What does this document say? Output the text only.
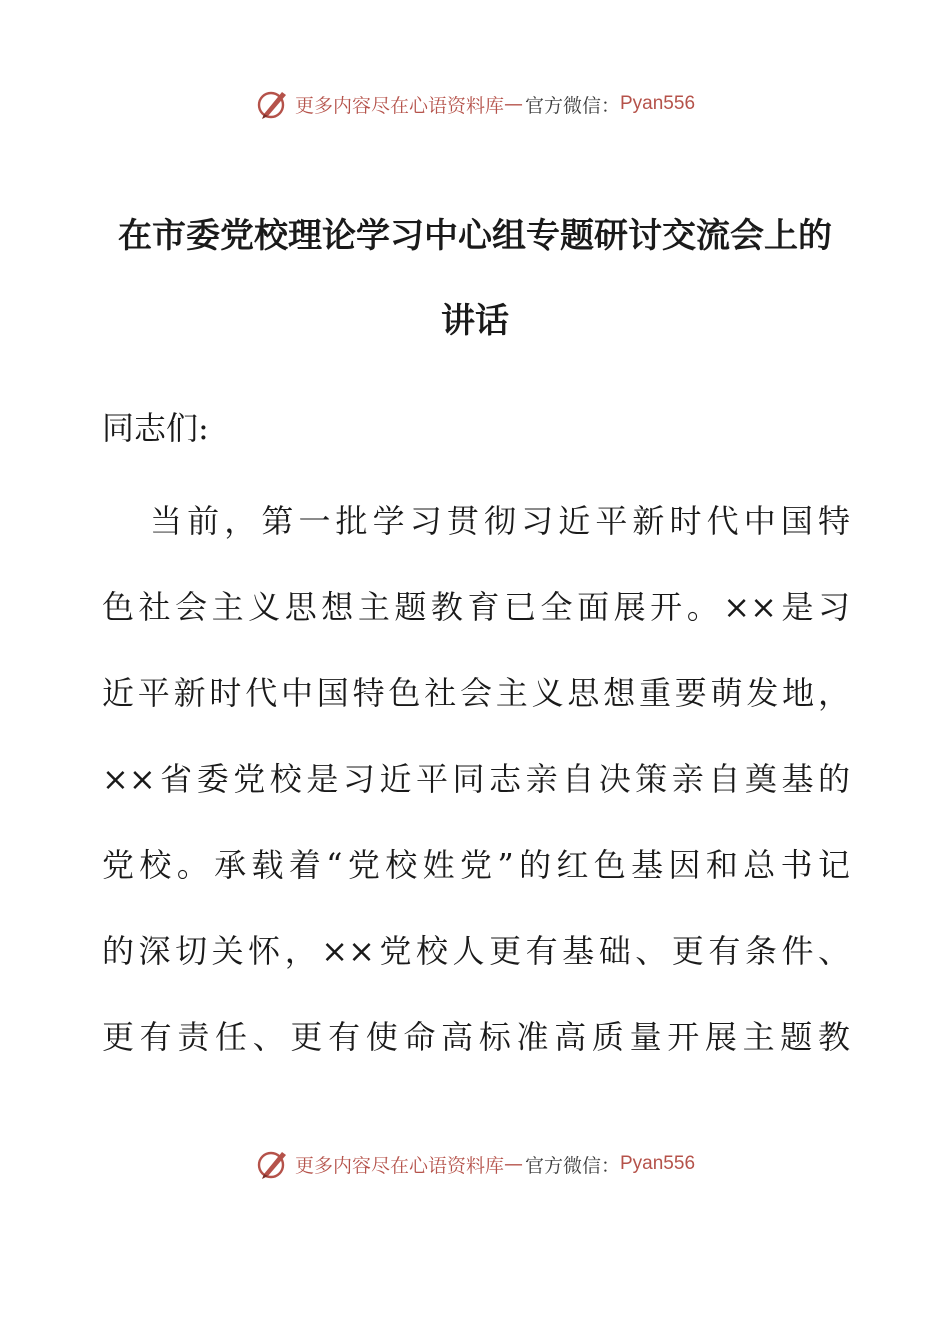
更多内容尽在心语资料库 — 官方微信： Pyan556
在市委党校理论学习中心组专题研讨交流会上的
讲话
同志们:
当前，第一批学习贯彻习近平新时代中国特
色社会主义思想主题教育已全面展开。××是习
近平新时代中国特色社会主义思想重要萌发地，
××省委党校是习近平同志亲自决策亲自奠基的
党校。承载着“党校姓党”的红色基因和总书记
的深切关怀，××党校人更有基础、更有条件、
更有责任、更有使命高标准高质量开展主题教
更多内容尽在心语资料库 — 官方微信： Pyan556
